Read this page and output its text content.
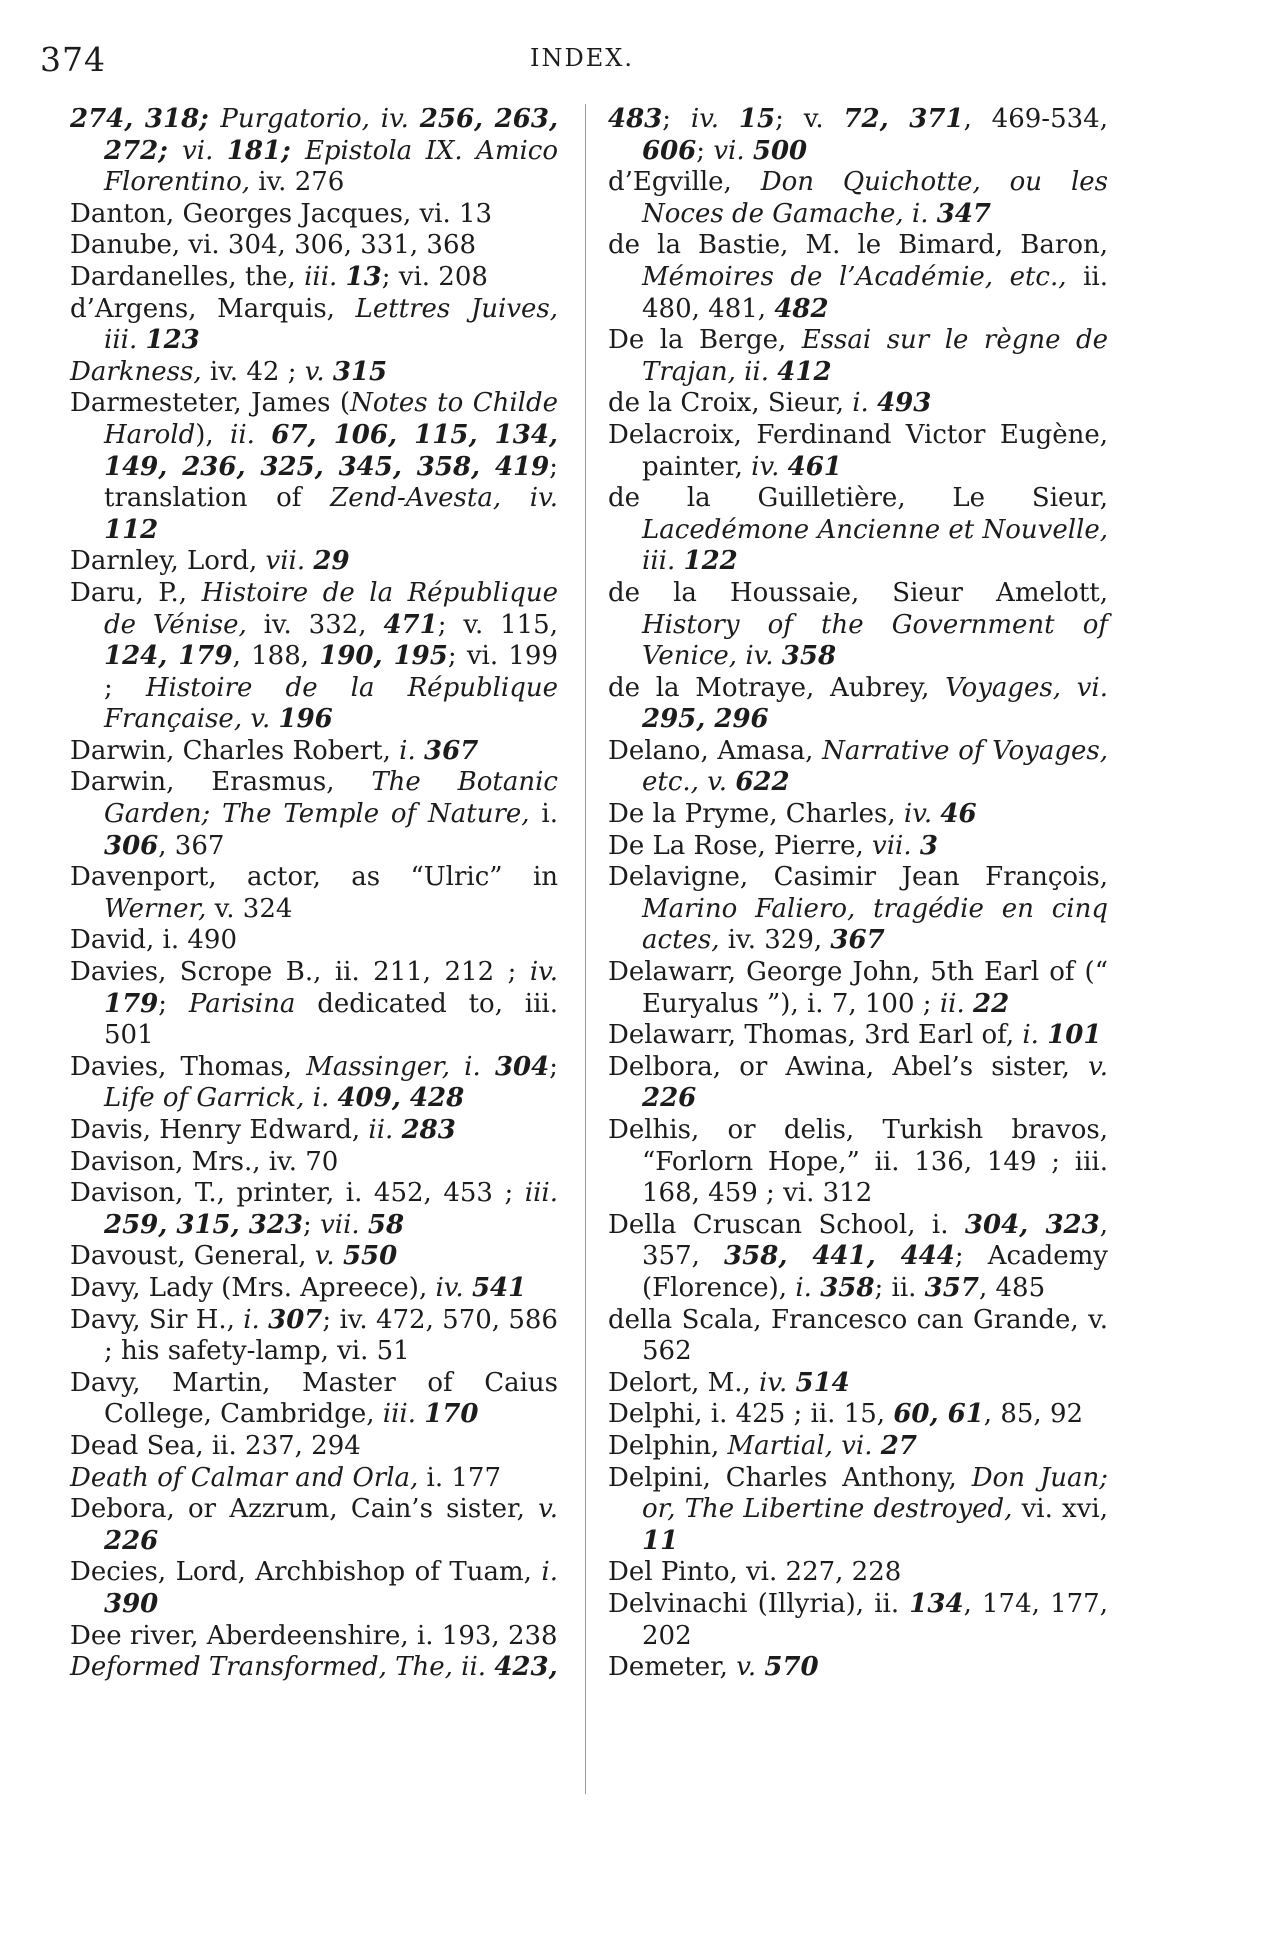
374	INDEX.

274, 318; Purgatorio, iv. 256, 263, 272; vi. 181; Epistola IX. Amico Florentino, iv. 276

Danton, Georges Jacques, vi. 13

Danube, vi. 304, 306, 331, 368

Dardanelles, the, iii. 13; vi. 208

d’Argens, Marquis, Lettres Juives, iii. 123

Darkness, iv. 42 ; v. 315

Darmesteter, James (Notes to Childe Harold), ii. 67, 106, 115, 134, 149, 236, 325, 345, 358, 419; translation of Zend-Avesta, iv. 112

Darnley, Lord, vii. 29

Daru, P., Histoire de la République de Vénise, iv. 332, 471; v. 115, 124, 179, 188, 190, 195; vi. 199 ; Histoire de la République Française, v. 196

Darwin, Charles Robert, i. 367

Darwin, Erasmus, The Botanic Garden; The Temple of Nature, i. 306, 367

Davenport, actor, as “Ulric” in Werner, v. 324

David, i. 490

Davies, Scrope B., ii. 211, 212 ; iv. 179; Parisina dedicated to, iii. 501

Davies, Thomas, Massinger, i. 304; Life of Garrick, i. 409, 428

Davis, Henry Edward, ii. 283

Davison, Mrs., iv. 70

Davison, T., printer, i. 452, 453 ; iii. 259, 315, 323; vii. 58

Davoust, General, v. 550

Davy, Lady (Mrs. Apreece), iv. 541

Davy, Sir H., i. 307; iv. 472, 570, 586 ; his safety-lamp, vi. 51

Davy, Martin, Master of Caius College, Cambridge, iii. 170

Dead Sea, ii. 237, 294

Death of Calmar and Orla, i. 177

Debora, or Azzrum, Cain’s sister, v. 226

Decies, Lord, Archbishop of Tuam, i. 390

Dee river, Aberdeenshire, i. 193, 238

Deformed Transformed, The, ii. 423,

483; iv. 15; v. 72, 371, 469-534, 606; vi. 500

d’Egville, Don Quichotte, ou les Noces de Gamache, i. 347

de la Bastie, M. le Bimard, Baron, Mémoires de l’Académie, etc., ii. 480, 481, 482

De la Berge, Essai sur le règne de Trajan, ii. 412

de la Croix, Sieur, i. 493

Delacroix, Ferdinand Victor Eugène, painter, iv. 461

de la Guilletière, Le Sieur, Lacedémone Ancienne et Nouvelle, iii. 122

de la Houssaie, Sieur Amelott, History of the Government of Venice, iv. 358

de la Motraye, Aubrey, Voyages, vi. 295, 296

Delano, Amasa, Narrative of Voyages, etc., v. 622

De la Pryme, Charles, iv. 46

De La Rose, Pierre, vii. 3

Delavigne, Casimir Jean François, Marino Faliero, tragédie en cinq actes, iv. 329, 367

Delawarr, George John, 5th Earl of (“ Euryalus ”), i. 7, 100 ; ii. 22

Delawarr, Thomas, 3rd Earl of, i. 101

Delbora, or Awina, Abel’s sister, v. 226

Delhis, or delis, Turkish bravos, “Forlorn Hope,” ii. 136, 149 ; iii. 168, 459 ; vi. 312

Della Cruscan School, i. 304, 323, 357, 358, 441, 444; Academy (Florence), i. 358; ii. 357, 485

della Scala, Francesco can Grande, v. 562

Delort, M., iv. 514

Delphi, i. 425 ; ii. 15, 60, 61, 85, 92

Delphin, Martial, vi. 27

Delpini, Charles Anthony, Don Juan; or, The Libertine destroyed, vi. xvi, 11

Del Pinto, vi. 227, 228

Delvinachi (Illyria), ii. 134, 174, 177, 202

Demeter, v. 570
